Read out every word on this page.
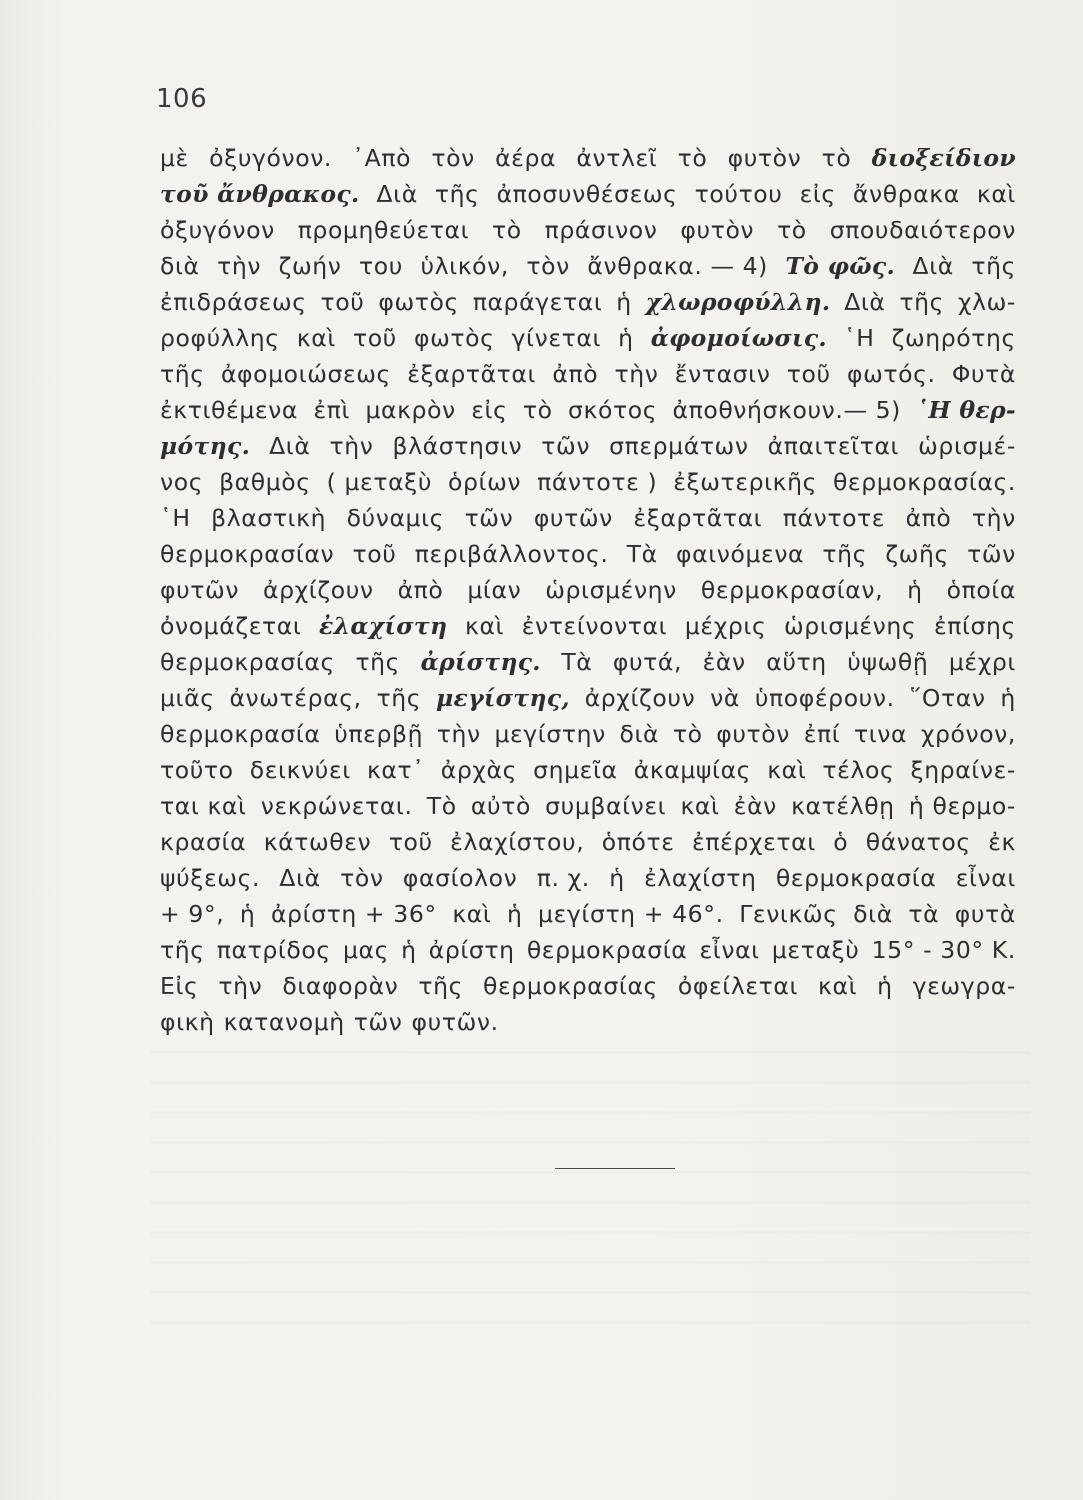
106
μὲ ὀξυγόνον. ᾿Απὸ τὸν ἀέρα ἀντλεῖ τὸ φυτὸν τὸ διοξείδιον
τοῦ ἄνθρακος. Διὰ τῆς ἀποσυνθέσεως τούτου εἰς ἄνθρακα καὶ
ὀξυγόνον προμηθεύεται τὸ πράσινον φυτὸν τὸ σπουδαιότερον
διὰ τὴν ζωήν του ὑλικόν, τὸν ἄνθρακα. — 4) Τὸ φῶς. Διὰ τῆς
ἐπιδράσεως τοῦ φωτὸς παράγεται ἡ χλωροφύλλη. Διὰ τῆς χλω-
ροφύλλης καὶ τοῦ φωτὸς γίνεται ἡ ἀφομοίωσις. ῾Η ζωηρότης
τῆς ἀφομοιώσεως ἐξαρτᾶται ἀπὸ τὴν ἔντασιν τοῦ φωτός. Φυτὰ
ἐκτιθέμενα ἐπὶ μακρὸν εἰς τὸ σκότος ἀποθνήσκουν.— 5) ῾Η θερ-
μότης. Διὰ τὴν βλάστησιν τῶν σπερμάτων ἀπαιτεῖται ὡρισμέ-
νος βαθμὸς ( μεταξὺ ὁρίων πάντοτε ) ἐξωτερικῆς θερμοκρασίας.
῾Η βλαστικὴ δύναμις τῶν φυτῶν ἐξαρτᾶται πάντοτε ἀπὸ τὴν
θερμοκρασίαν τοῦ περιβάλλοντος. Τὰ φαινόμενα τῆς ζωῆς τῶν
φυτῶν ἀρχίζουν ἀπὸ μίαν ὡρισμένην θερμοκρασίαν, ἡ ὁποία
ὀνομάζεται ἐλαχίστη καὶ ἐντείνονται μέχρις ὡρισμένης ἐπίσης
θερμοκρασίας τῆς ἀρίστης. Τὰ φυτά, ἐὰν αὕτη ὑψωθῇ μέχρι
μιᾶς ἀνωτέρας, τῆς μεγίστης, ἀρχίζουν νὰ ὑποφέρουν. ῞Οταν ἡ
θερμοκρασία ὑπερβῇ τὴν μεγίστην διὰ τὸ φυτὸν ἐπί τινα χρόνον,
τοῦτο δεικνύει κατ᾿ ἀρχὰς σημεῖα ἀκαμψίας καὶ τέλος ξηραίνε-
ται καὶ νεκρώνεται. Τὸ αὐτὸ συμβαίνει καὶ ἐὰν κατέλθῃ ἡ θερμο-
κρασία κάτωθεν τοῦ ἐλαχίστου, ὁπότε ἐπέρχεται ὁ θάνατος ἐκ
ψύξεως. Διὰ τὸν φασίολον π. χ. ἡ ἐλαχίστη θερμοκρασία εἶναι
+ 9°, ἡ ἀρίστη + 36° καὶ ἡ μεγίστη + 46°. Γενικῶς διὰ τὰ φυτὰ
τῆς πατρίδος μας ἡ ἀρίστη θερμοκρασία εἶναι μεταξὺ 15° - 30° Κ.
Εἰς τὴν διαφορὰν τῆς θερμοκρασίας ὀφείλεται καὶ ἡ γεωγρα-
φικὴ κατανομὴ τῶν φυτῶν.
